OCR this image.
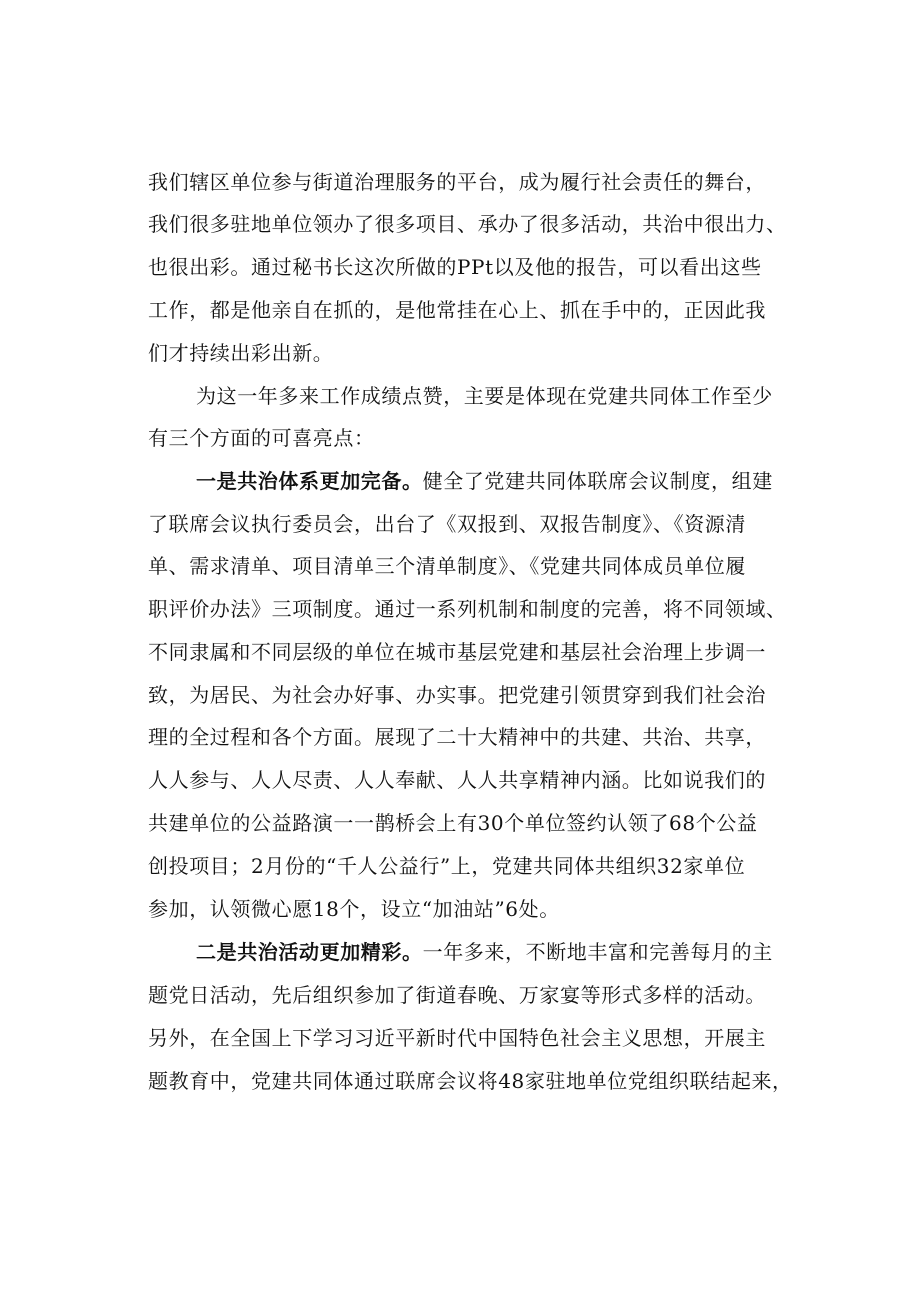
我们辖区单位参与街道治理服务的平台，成为履行社会责任的舞台，
我们很多驻地单位领办了很多项目、承办了很多活动，共治中很出力、
也很出彩。通过秘书长这次所做的PPt以及他的报告，可以看出这些
工作，都是他亲自在抓的，是他常挂在心上、抓在手中的，正因此我
们才持续出彩出新。
为这一年多来工作成绩点赞，主要是体现在党建共同体工作至少
有三个方面的可喜亮点：
一是共治体系更加完备。健全了党建共同体联席会议制度，组建
了联席会议执行委员会，出台了《双报到、双报告制度》、《资源清
单、需求清单、项目清单三个清单制度》、《党建共同体成员单位履
职评价办法》三项制度。通过一系列机制和制度的完善，将不同领域、
不同隶属和不同层级的单位在城市基层党建和基层社会治理上步调一
致，为居民、为社会办好事、办实事。把党建引领贯穿到我们社会治
理的全过程和各个方面。展现了二十大精神中的共建、共治、共享，
人人参与、人人尽责、人人奉献、人人共享精神内涵。比如说我们的
共建单位的公益路演一一鹊桥会上有30个单位签约认领了68个公益
创投项目；2月份的“千人公益行”上，党建共同体共组织32家单位
参加，认领微心愿18个，设立“加油站”6处。
二是共治活动更加精彩。一年多来，不断地丰富和完善每月的主
题党日活动，先后组织参加了街道春晚、万家宴等形式多样的活动。
另外，在全国上下学习习近平新时代中国特色社会主义思想，开展主
题教育中，党建共同体通过联席会议将48家驻地单位党组织联结起来，
